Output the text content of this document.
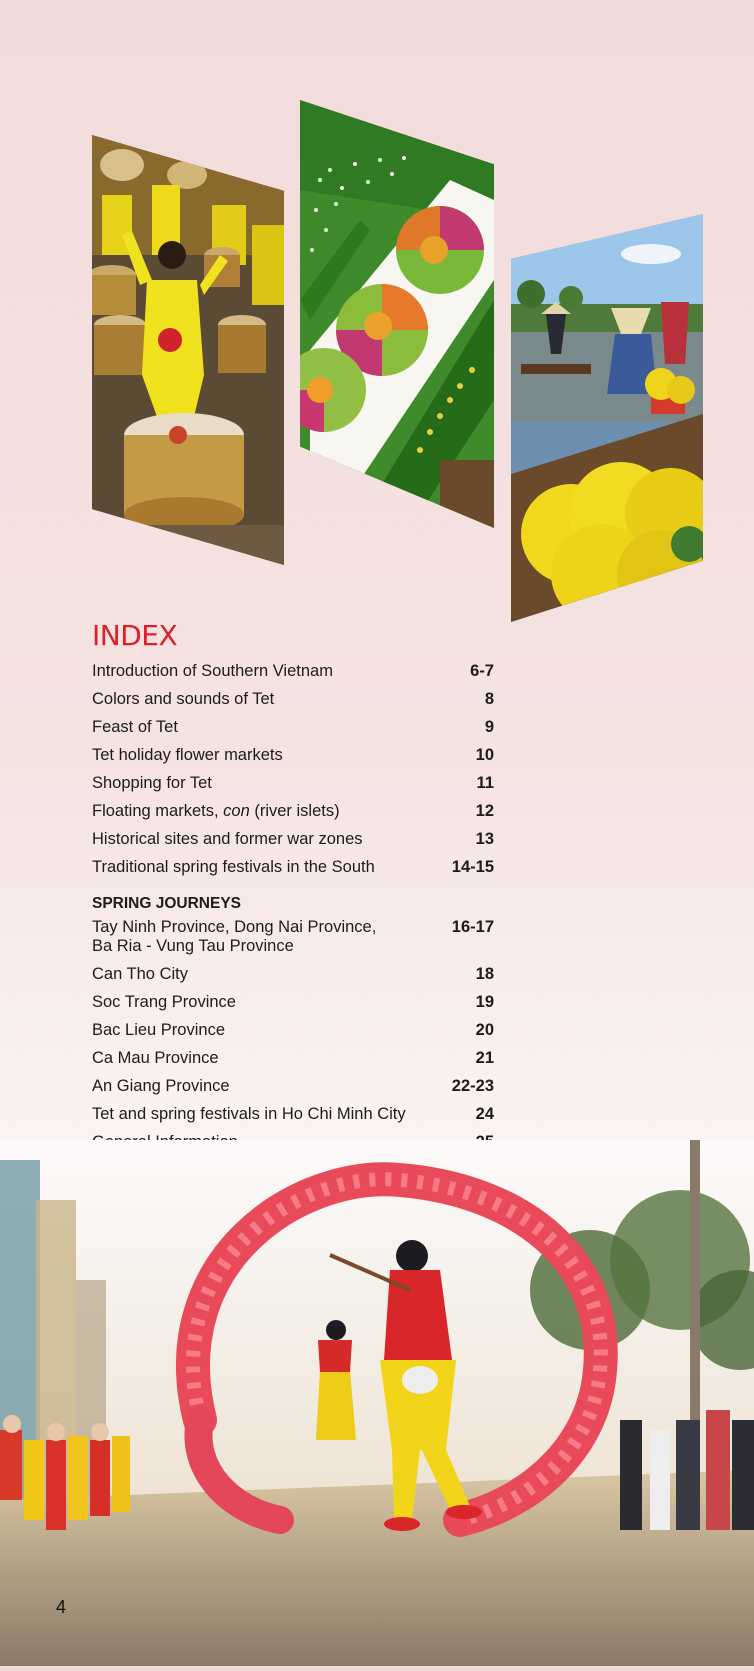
INDEX
Introduction of Southern Vietnam	6-7
Colors and sounds of Tet	8
Feast of Tet	9
Tet holiday flower markets	10
Shopping for Tet	11
Floating markets, con (river islets)	12
Historical sites and former war zones	13
Traditional spring festivals in the South	14-15
SPRING JOURNEYS
Tay Ninh Province, Dong Nai Province,
Ba Ria - Vung Tau Province
16-17
Can Tho City	18
Soc Trang Province	19
Bac Lieu Province	20
Ca Mau Province	21
An Giang Province	22-23
Tet and spring festivals in Ho Chi Minh City	24
4
